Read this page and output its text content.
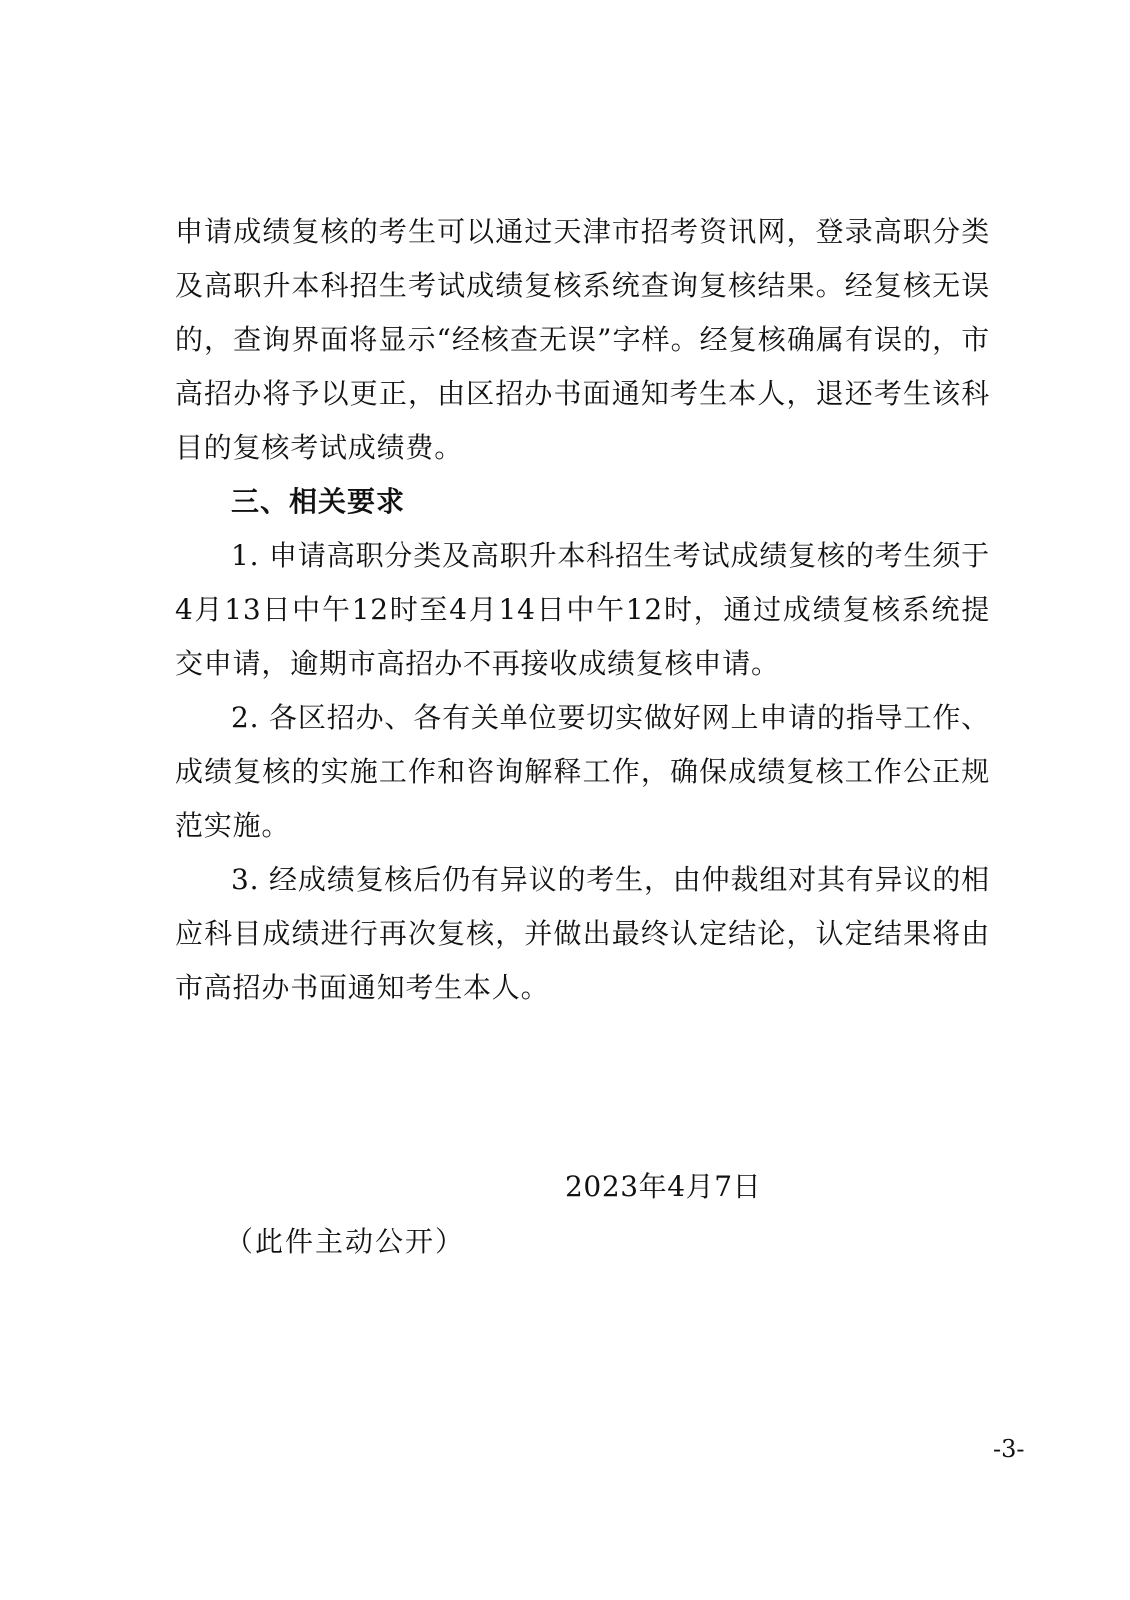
申请成绩复核的考生可以通过天津市招考资讯网，登录高职分类及高职升本科招生考试成绩复核系统查询复核结果。经复核无误的，查询界面将显示“经核查无误”字样。经复核确属有误的，市高招办将予以更正，由区招办书面通知考生本人，退还考生该科目的复核考试成绩费。

三、相关要求

1. 申请高职分类及高职升本科招生考试成绩复核的考生须于4月13日中午12时至4月14日中午12时，通过成绩复核系统提交申请，逾期市高招办不再接收成绩复核申请。

2. 各区招办、各有关单位要切实做好网上申请的指导工作、成绩复核的实施工作和咨询解释工作，确保成绩复核工作公正规范实施。

3. 经成绩复核后仍有异议的考生，由仲裁组对其有异议的相应科目成绩进行再次复核，并做出最终认定结论，认定结果将由市高招办书面通知考生本人。

2023年4月7日
（此件主动公开）
-3-
